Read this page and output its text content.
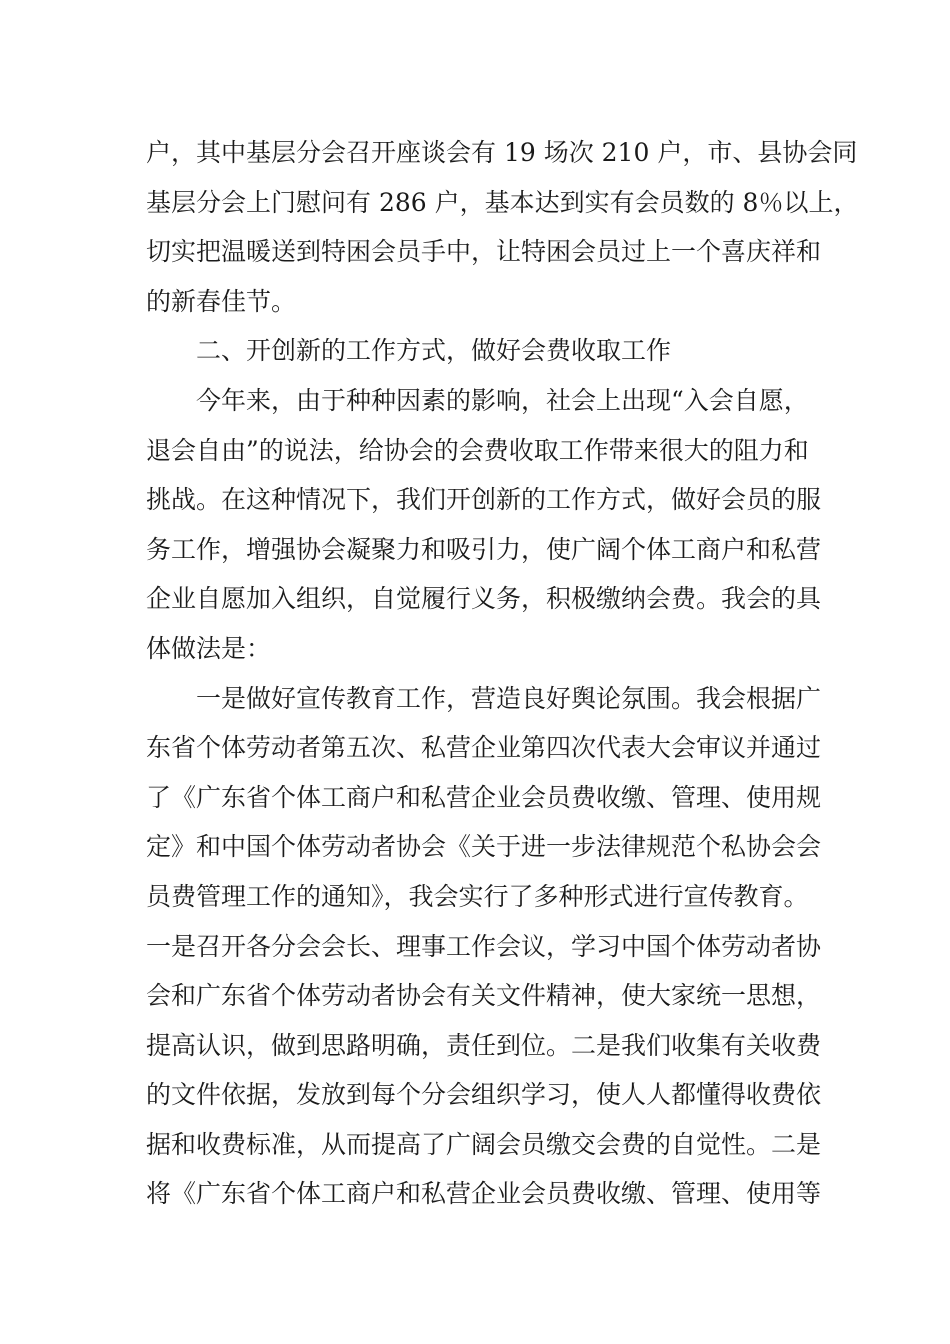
户，其中基层分会召开座谈会有 19 场次 210 户，市、县协会同
基层分会上门慰问有 286 户，基本达到实有会员数的 8％以上，
切实把温暖送到特困会员手中，让特困会员过上一个喜庆祥和
的新春佳节。
二、开创新的工作方式，做好会费收取工作
今年来，由于种种因素的影响，社会上出现“入会自愿，
退会自由”的说法，给协会的会费收取工作带来很大的阻力和
挑战。在这种情况下，我们开创新的工作方式，做好会员的服
务工作，增强协会凝聚力和吸引力，使广阔个体工商户和私营
企业自愿加入组织，自觉履行义务，积极缴纳会费。我会的具
体做法是：
一是做好宣传教育工作，营造良好舆论氛围。我会根据广
东省个体劳动者第五次、私营企业第四次代表大会审议并通过
了《广东省个体工商户和私营企业会员费收缴、管理、使用规
定》和中国个体劳动者协会《关于进一步法律规范个私协会会
员费管理工作的通知》，我会实行了多种形式进行宣传教育。
一是召开各分会会长、理事工作会议，学习中国个体劳动者协
会和广东省个体劳动者协会有关文件精神，使大家统一思想，
提高认识，做到思路明确，责任到位。二是我们收集有关收费
的文件依据，发放到每个分会组织学习，使人人都懂得收费依
据和收费标准，从而提高了广阔会员缴交会费的自觉性。二是
将《广东省个体工商户和私营企业会员费收缴、管理、使用等
